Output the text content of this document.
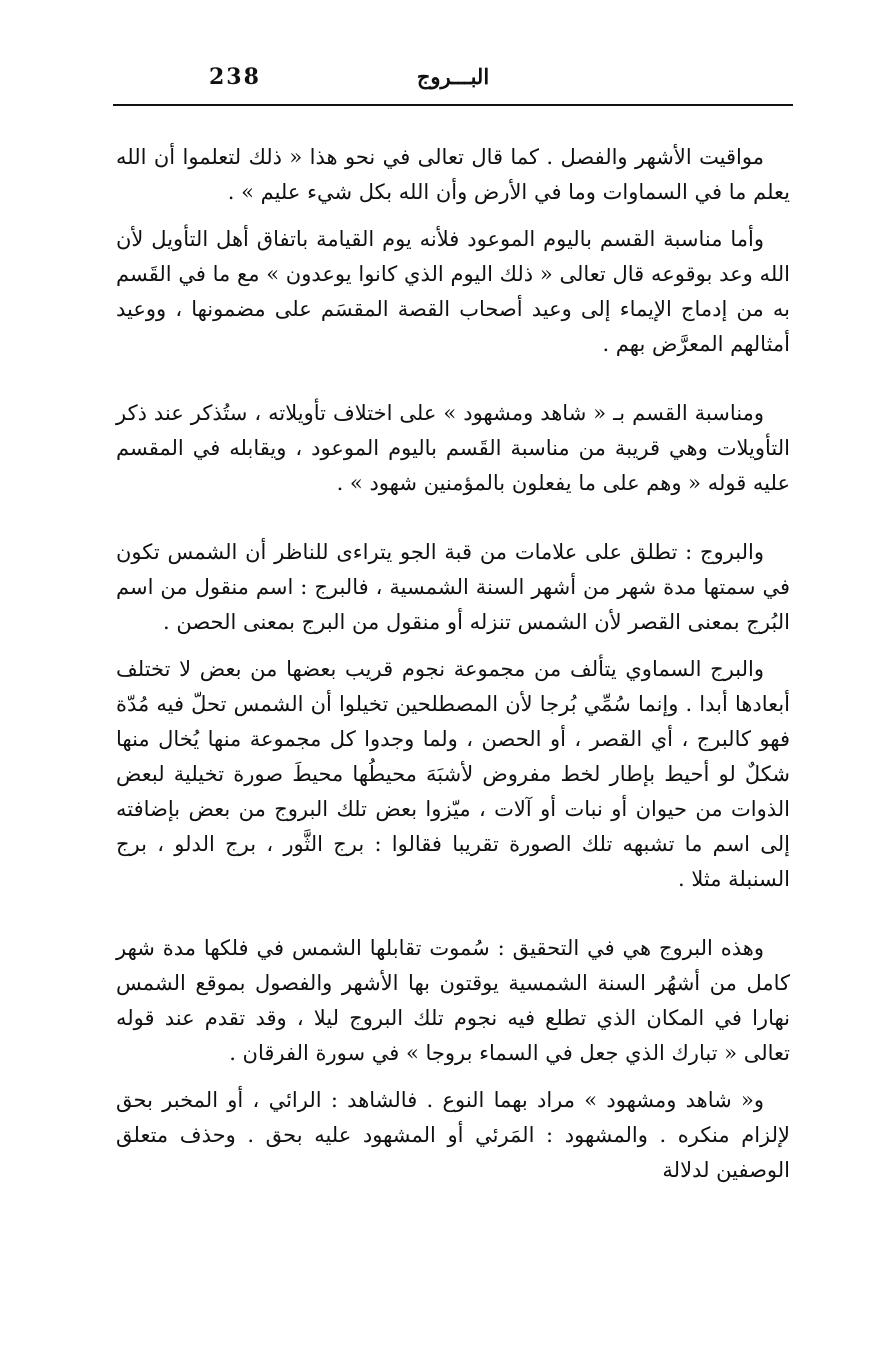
238	البـــروج

مواقيت الأشهر والفصل . كما قال تعالى في نحو هذا « ذلك لتعلموا أن الله يعلم ما في السماوات وما في الأرض وأن الله بكل شيء عليم » .

وأما مناسبة القسم باليوم الموعود فلأنه يوم القيامة باتفاق أهل التأويل لأن الله وعد بوقوعه قال تعالى « ذلك اليوم الذي كانوا يوعدون » مع ما في القَسم به من إدماج الإيماء إلى وعيد أصحاب القصة المقسَم على مضمونها ، ووعيد أمثالهم المعرَّض بهم .

ومناسبة القسم بـ « شاهد ومشهود » على اختلاف تأويلاته ، ستُذكر عند ذكر التأويلات وهي قريبة من مناسبة القَسم باليوم الموعود ، ويقابله في المقسم عليه قوله « وهم على ما يفعلون بالمؤمنين شهود » .

والبروج : تطلق على علامات من قبة الجو يتراءى للناظر أن الشمس تكون في سمتها مدة شهر من أشهر السنة الشمسية ، فالبرج : اسم منقول من اسم البُرج بمعنى القصر لأن الشمس تنزله أو منقول من البرج بمعنى الحصن .

والبرج السماوي يتألف من مجموعة نجوم قريب بعضها من بعض لا تختلف أبعادها أبدا . وإنما سُمِّي بُرجا لأن المصطلحين تخيلوا أن الشمس تحلّ فيه مُدّة فهو كالبرج ، أي القصر ، أو الحصن ، ولما وجدوا كل مجموعة منها يُخال منها شكلٌ لو أحيط بإطار لخط مفروض لأشبَهَ محيطُها محيطَ صورة تخيلية لبعض الذوات من حيوان أو نبات أو آلات ، ميّزوا بعض تلك البروج من بعض بإضافته إلى اسم ما تشبهه تلك الصورة تقريبا فقالوا : برج الثَّور ، برج الدلو ، برج السنبلة مثلا .

وهذه البروج هي في التحقيق : سُموت تقابلها الشمس في فلكها مدة شهر كامل من أشهُر السنة الشمسية يوقتون بها الأشهر والفصول بموقع الشمس نهارا في المكان الذي تطلع فيه نجوم تلك البروج ليلا ، وقد تقدم عند قوله تعالى « تبارك الذي جعل في السماء بروجا » في سورة الفرقان .

و« شاهد ومشهود » مراد بهما النوع . فالشاهد : الرائي ، أو المخبر بحق لإلزام منكره . والمشهود : المَرئي أو المشهود عليه بحق . وحذف متعلق الوصفين لدلالة
